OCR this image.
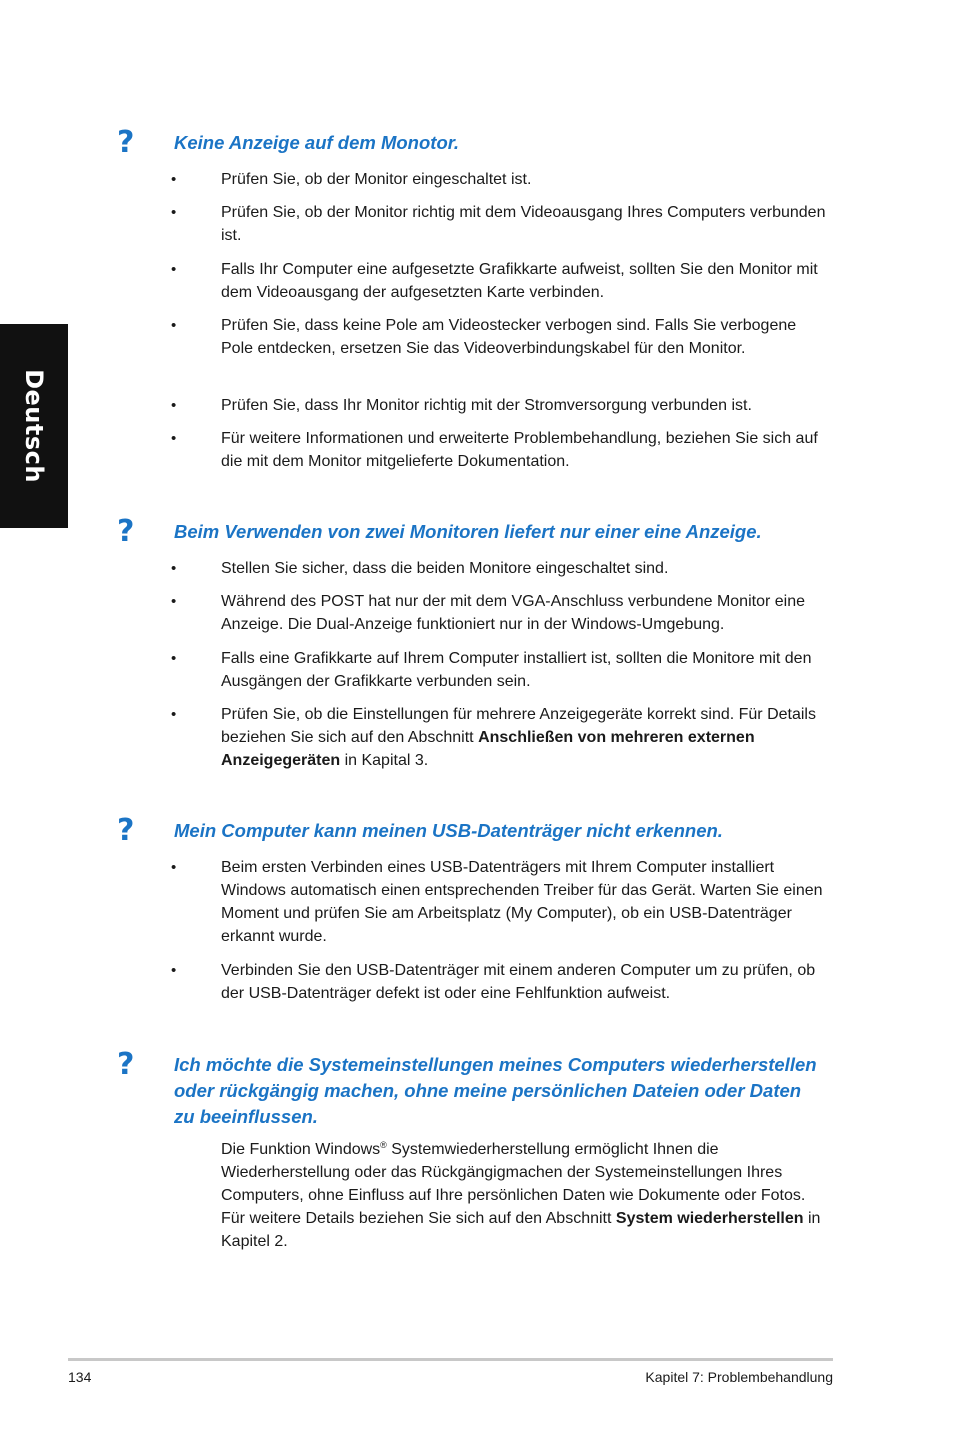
Deutsch
? Keine Anzeige auf dem Monotor.
•	Prüfen Sie, ob der Monitor eingeschaltet ist.

•	Prüfen Sie, ob der Monitor richtig mit dem Videoausgang Ihres Computers verbunden ist.

•	Falls Ihr Computer eine aufgesetzte Grafikkarte aufweist, sollten Sie den Monitor mit dem Videoausgang der aufgesetzten Karte verbinden.

•	Prüfen Sie, dass keine Pole am Videostecker verbogen sind. Falls Sie verbogene Pole entdecken, ersetzen Sie das Videoverbindungskabel für den Monitor.

•	Prüfen Sie, dass Ihr Monitor richtig mit der Stromversorgung verbunden ist.

•	Für weitere Informationen und erweiterte Problembehandlung, beziehen Sie sich auf die mit dem Monitor mitgelieferte Dokumentation.

? Beim Verwenden von zwei Monitoren liefert nur einer eine Anzeige.
•	Stellen Sie sicher, dass die beiden Monitore eingeschaltet sind.

•	Während des POST hat nur der mit dem VGA-Anschluss verbundene Monitor eine Anzeige. Die Dual-Anzeige funktioniert nur in der Windows-Umgebung.

•	Falls eine Grafikkarte auf Ihrem Computer installiert ist, sollten die Monitore mit den Ausgängen der Grafikkarte verbunden sein.

•	Prüfen Sie, ob die Einstellungen für mehrere Anzeigegeräte korrekt sind. Für Details beziehen Sie sich auf den Abschnitt Anschließen von mehreren externen Anzeigegeräten in Kapital 3.

? Mein Computer kann meinen USB-Datenträger nicht erkennen.
•	Beim ersten Verbinden eines USB-Datenträgers mit Ihrem Computer installiert Windows automatisch einen entsprechenden Treiber für das Gerät. Warten Sie einen Moment und prüfen Sie am Arbeitsplatz (My Computer), ob ein USB-Datenträger erkannt wurde.

•	Verbinden Sie den USB-Datenträger mit einem anderen Computer um zu prüfen, ob der USB-Datenträger defekt ist oder eine Fehlfunktion aufweist.

? Ich möchte die Systemeinstellungen meines Computers wiederherstellen oder rückgängig machen, ohne meine persönlichen Dateien oder Daten zu beeinflussen.

Die Funktion Windows® Systemwiederherstellung ermöglicht Ihnen die Wiederherstellung oder das Rückgängigmachen der Systemeinstellungen Ihres Computers, ohne Einfluss auf Ihre persönlichen Daten wie Dokumente oder Fotos. Für weitere Details beziehen Sie sich auf den Abschnitt System wiederherstellen in Kapitel 2.

134	Kapitel 7: Problembehandlung
